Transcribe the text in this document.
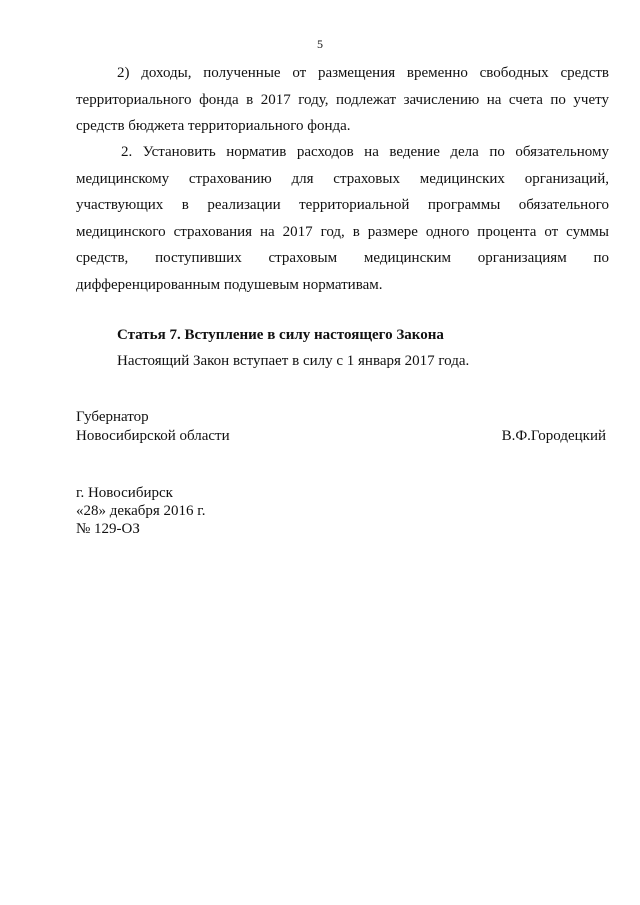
5
2) доходы, полученные от размещения временно свободных средств
территориального фонда в 2017 году, подлежат зачислению на счета по учету
средств бюджета территориального фонда.
2. Установить норматив расходов на ведение дела по обязательному
медицинскому страхованию для страховых медицинских организаций,
участвующих в реализации территориальной программы обязательного
медицинского страхования на 2017 год, в размере одного процента от суммы
средств, поступивших страховым медицинским организациям по
дифференцированным подушевым нормативам.
Статья 7. Вступление в силу настоящего Закона
Настоящий Закон вступает в силу с 1 января 2017 года.
Губернатор
Новосибирской области	В.Ф.Городецкий
г. Новосибирск
«28» декабря 2016 г.
№ 129-ОЗ
